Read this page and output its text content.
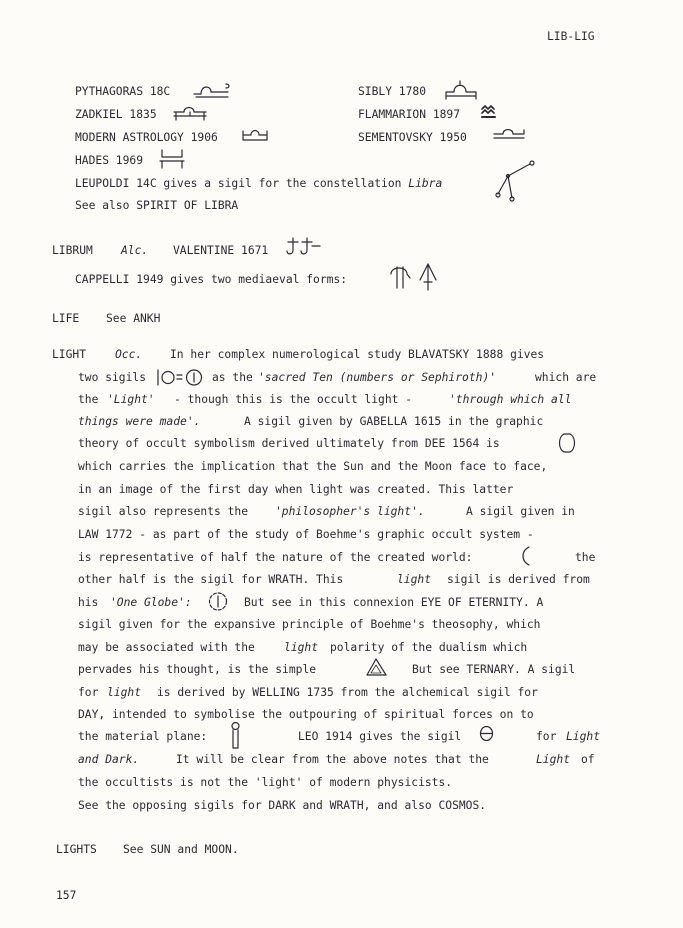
LIB-LIG
PYTHAGORAS 18C	SIBLY 1780
ZADKIEL 1835	FLAMMARION 1897
MODERN ASTROLOGY 1906	SEMENTOVSKY 1950
HADES 1969
LEUPOLDI 14C gives a sigil for the constellation Libra
See also SPIRIT OF LIBRA
LIBRUM Alc. VALENTINE 1671
CAPPELLI 1949 gives two mediaeval forms:
LIFE See ANKH
LIGHT	Occ. In her complex numerological study BLAVATSKY 1888 gives
two sigils	as the 'sacred Ten (numbers or Sephiroth)'	which are
the 'Light' - though this is the occult light -	'through which all
things were made'.	A sigil given by GABELLA 1615 in the graphic
theory of occult symbolism derived ultimately from DEE 1564 is
which carries the implication that the Sun and the Moon face to face,
in an image of the first day when light was created. This latter
sigil also represents the 'philosopher's light'.	A sigil given in
LAW 1772 - as part of the study of Boehme's graphic occult system -
is representative of half the nature of the created world:	the
other half is the sigil for WRATH. This	light sigil is derived from
his 'One Globe':	But see in this connexion EYE OF ETERNITY. A
sigil given for the expansive principle of Boehme's theosophy, which
may be associated with the	light polarity of the dualism which
pervades his thought, is the simple	But see TERNARY. A sigil
for light is derived by WELLING 1735 from the alchemical sigil for
DAY, intended to symbolise the outpouring of spiritual forces on to
the material plane:	LEO 1914 gives the sigil	for Light
and Dark.	It will be clear from the above notes that the	Light of
the occultists is not the 'light' of modern physicists.
See the opposing sigils for DARK and WRATH, and also COSMOS.
LIGHTS See SUN and MOON.
157
